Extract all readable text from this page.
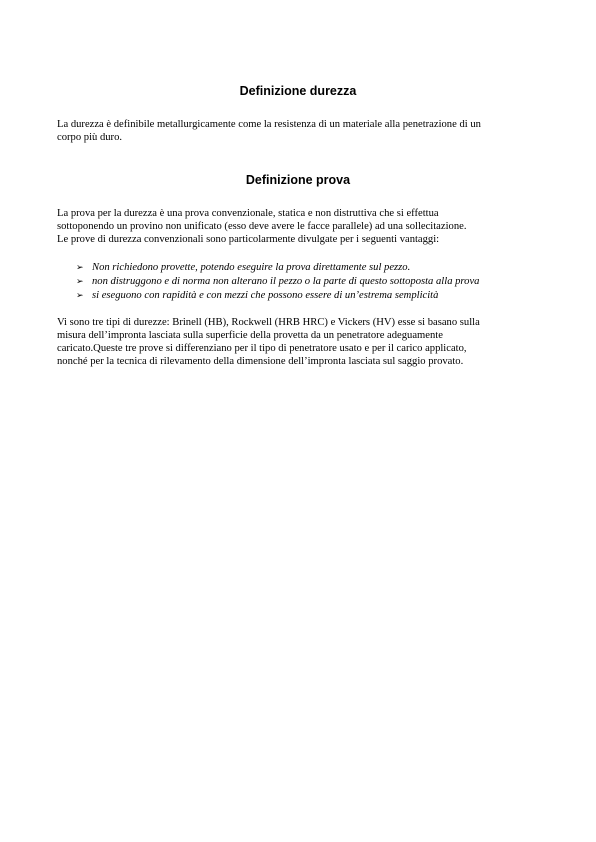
Definizione durezza
La durezza è definibile metallurgicamente come la resistenza di un materiale alla penetrazione di un
corpo più duro.
Definizione prova
La prova per la durezza è una prova convenzionale, statica e non distruttiva che si effettua
sottoponendo un provino non unificato (esso deve avere le facce parallele) ad una sollecitazione.
Le prove di durezza convenzionali sono particolarmente divulgate per i seguenti vantaggi:
➢ Non richiedono provette, potendo eseguire la prova direttamente sul pezzo.
➢ non distruggono e di norma non alterano il pezzo o la parte di questo sottoposta alla prova
➢ si eseguono con rapidità e con mezzi che possono essere di un’estrema semplicità
Vi sono tre tipi di durezze: Brinell (HB), Rockwell (HRB HRC) e Vickers (HV) esse si basano sulla
misura dell’impronta lasciata sulla superficie della provetta da un penetratore adeguamente
caricato.Queste tre prove si differenziano per il tipo di penetratore usato e per il carico applicato,
nonché per la tecnica di rilevamento della dimensione dell’impronta lasciata sul saggio provato.
